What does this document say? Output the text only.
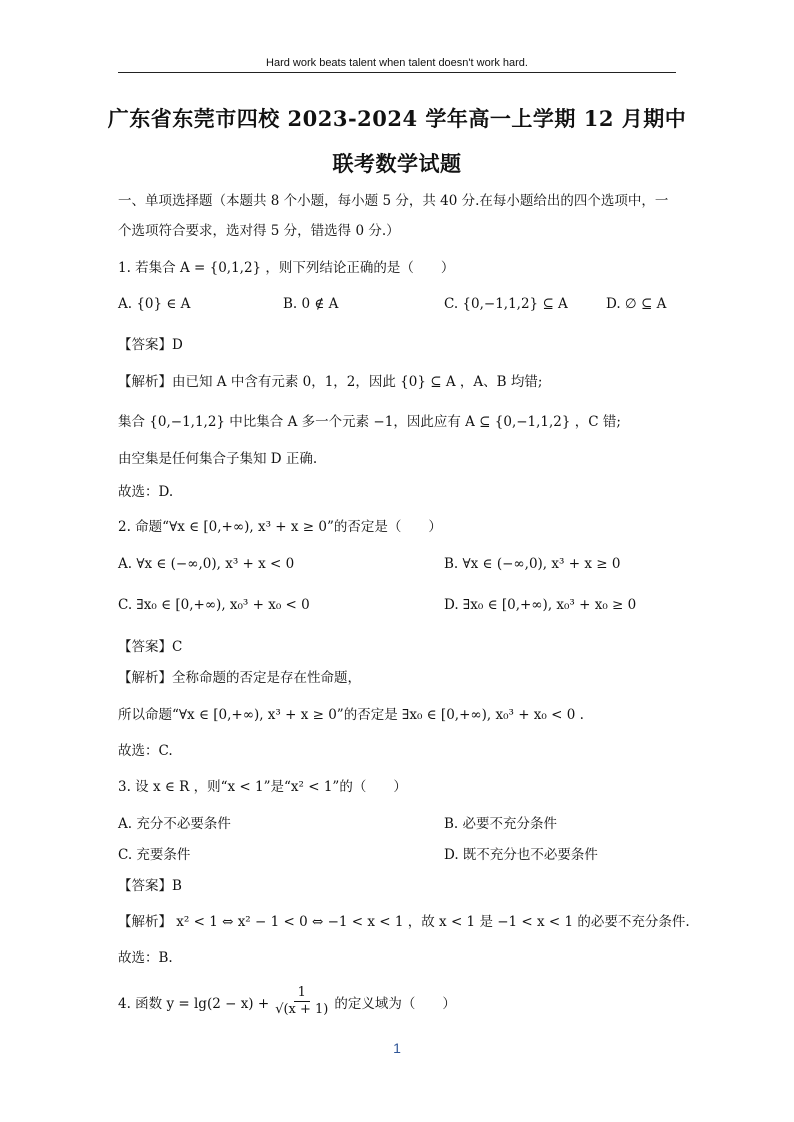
Hard work beats talent when talent doesn't work hard.
广东省东莞市四校 2023-2024 学年高一上学期 12 月期中
联考数学试题
一、单项选择题（本题共 8 个小题，每小题 5 分，共 40 分.在每小题给出的四个选项中，一
个选项符合要求，选对得 5 分，错选得 0 分.）
1. 若集合 A = {0,1,2} ，则下列结论正确的是（　　）
A. {0} ∈ A	B. 0 ∉ A	C. {0,−1,1,2} ⊆ A	D. ∅ ⊆ A
【答案】D
【解析】由已知 A 中含有元素 0，1，2，因此 {0} ⊆ A ，A、B 均错;
集合 {0,−1,1,2} 中比集合 A 多一个元素 −1，因此应有 A ⊆ {0,−1,1,2} ，C 错;
由空集是任何集合子集知 D 正确.
故选：D.
2. 命题“∀x ∈ [0,+∞), x³ + x ≥ 0”的否定是（　　）
A. ∀x ∈ (−∞,0), x³ + x < 0	B. ∀x ∈ (−∞,0), x³ + x ≥ 0
C. ∃x₀ ∈ [0,+∞), x₀³ + x₀ < 0	D. ∃x₀ ∈ [0,+∞), x₀³ + x₀ ≥ 0
【答案】C
【解析】全称命题的否定是存在性命题，
所以命题“∀x ∈ [0,+∞), x³ + x ≥ 0”的否定是 ∃x₀ ∈ [0,+∞), x₀³ + x₀ < 0 .
故选：C.
3. 设 x ∈ R ，则“x < 1”是“x² < 1”的（　　）
A. 充分不必要条件	B. 必要不充分条件
C. 充要条件	D. 既不充分也不必要条件
【答案】B
【解析】 x² < 1 ⇔ x² − 1 < 0 ⇔ −1 < x < 1 ，故 x < 1 是 −1 < x < 1 的必要不充分条件.
故选：B.
4. 函数 $y = \lg(2 - x) + \frac{1}{√(x + 1)}$ 的定义域为（　　）
1
